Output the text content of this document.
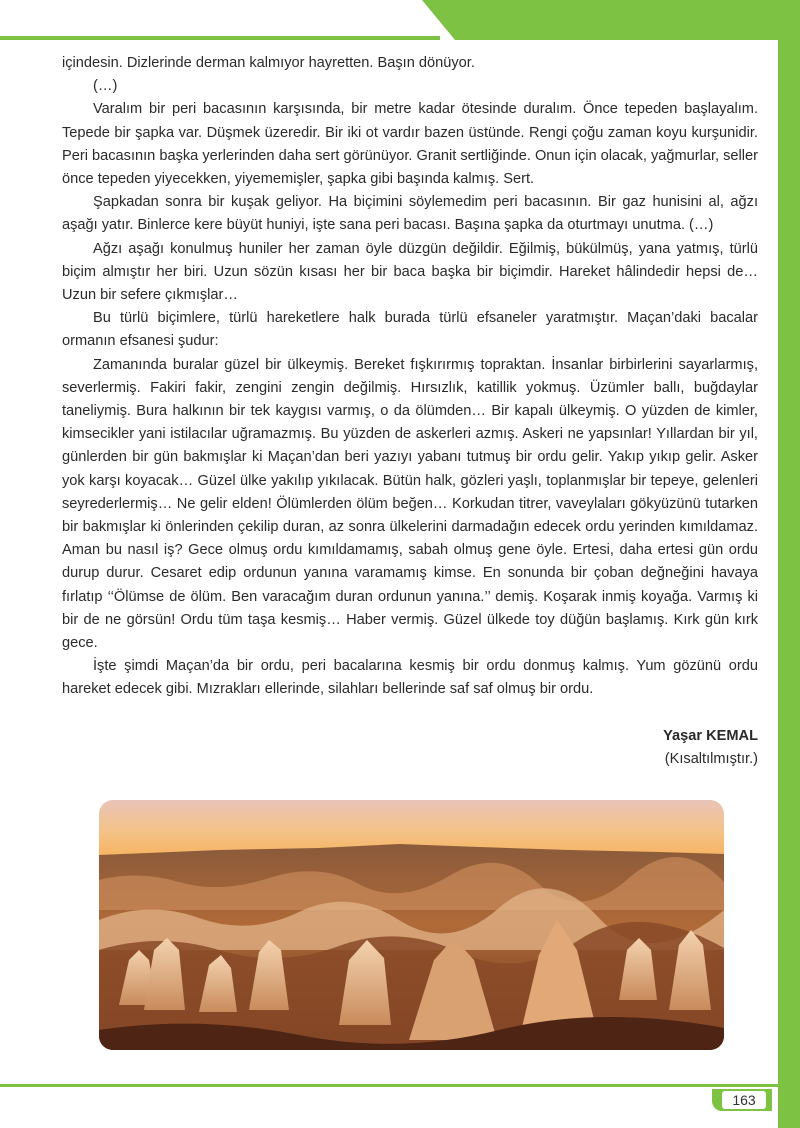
içindesin. Dizlerinde derman kalmıyor hayretten. Başın dönüyor.

(…)

Varalım bir peri bacasının karşısında, bir metre kadar ötesinde duralım. Önce tepeden başlayalım. Tepede bir şapka var. Düşmek üzeredir. Bir iki ot vardır bazen üstünde. Rengi çoğu zaman koyu kurşunidir. Peri bacasının başka yerlerinden daha sert görünüyor. Granit sertliğinde. Onun için olacak, yağmurlar, seller önce tepeden yiyecekken, yiyememişler, şapka gibi başında kalmış. Sert.

Şapkadan sonra bir kuşak geliyor. Ha biçimini söylemedim peri bacasının. Bir gaz hunisini al, ağzı aşağı yatır. Binlerce kere büyüt huniyi, işte sana peri bacası. Başına şapka da oturtmayı unutma. (…)

Ağzı aşağı konulmuş huniler her zaman öyle düzgün değildir. Eğilmiş, bükülmüş, yana yatmış, türlü biçim almıştır her biri. Uzun sözün kısası her bir baca başka bir biçimdir. Hareket hâlindedir hepsi de… Uzun bir sefere çıkmışlar…

Bu türlü biçimlere, türlü hareketlere halk burada türlü efsaneler yaratmıştır. Maçan’daki bacalar ormanın efsanesi şudur:

Zamanında buralar güzel bir ülkeymiş. Bereket fışkırırmış topraktan. İnsanlar birbirlerini sayarlarmış, severlermiş. Fakiri fakir, zengini zengin değilmiş. Hırsızlık, katillik yokmuş. Üzümler ballı, buğdaylar taneliymiş. Bura halkının bir tek kaygısı varmış, o da ölümden… Bir kapalı ülkeymiş. O yüzden de kimler, kimsecikler yani istilacılar uğramazmış. Bu yüzden de askerleri azmış. Askeri ne yapsınlar! Yıllardan bir yıl, günlerden bir gün bakmışlar ki Maçan’dan beri yazıyı yabanı tutmuş bir ordu gelir. Yakıp yıkıp gelir. Asker yok karşı koyacak… Güzel ülke yakılıp yıkılacak. Bütün halk, gözleri yaşlı, toplanmışlar bir tepeye, gelenleri seyrederlermiş… Ne gelir elden! Ölümlerden ölüm beğen… Korkudan titrer, vaveylaları gökyüzünü tutarken bir bakmışlar ki önlerinden çekilip duran, az sonra ülkelerini darmadağın edecek ordu yerinden kımıldamaz. Aman bu nasıl iş? Gece olmuş ordu kımıldamamış, sabah olmuş gene öyle. Ertesi, daha ertesi gün ordu durup durur. Cesaret edip ordunun yanına varamamış kimse. En sonunda bir çoban değneğini havaya fırlatıp ‘‘Ölümse de ölüm. Ben varacağım duran ordunun yanına.’’ demiş. Koşarak inmiş koyağa. Varmış ki bir de ne görsün! Ordu tüm taşa kesmiş… Haber vermiş. Güzel ülkede toy düğün başlamış. Kırk gün kırk gece.

İşte şimdi Maçan’da bir ordu, peri bacalarına kesmiş bir ordu donmuş kalmış. Yum gözünü ordu hareket edecek gibi. Mızrakları ellerinde, silahları bellerinde saf saf olmuş bir ordu.

Yaşar KEMAL
(Kısaltılmıştır.)
163
